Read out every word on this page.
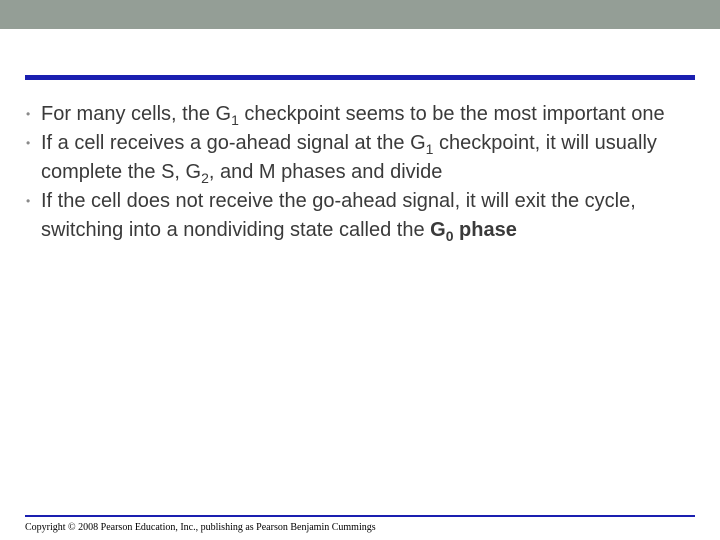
• For many cells, the $G_1$ checkpoint seems to be the most important one
• If a cell receives a go-ahead signal at the $G_1$ checkpoint, it will usually complete the S, $G_2$, and M phases and divide
• If the cell does not receive the go-ahead signal, it will exit the cycle, switching into a nondividing state called the $G_0$ phase
Copyright © 2008 Pearson Education, Inc., publishing as Pearson Benjamin Cummings
